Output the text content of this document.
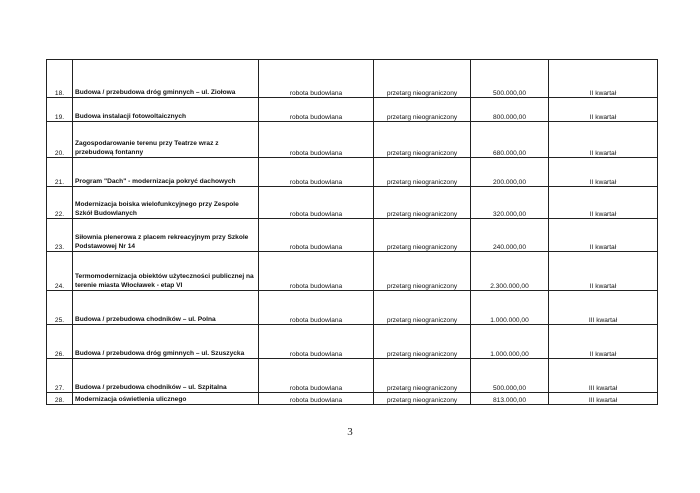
18.	Budowa / przebudowa dróg gminnych – ul. Ziołowa	robota budowlana	przetarg nieograniczony	500.000,00	II kwartał
19.	Budowa instalacji fotowoltaicznych	robota budowlana	przetarg nieograniczony	800.000,00	II kwartał
20.	Zagospodarowanie terenu przy Teatrze wraz z przebudową fontanny	robota budowlana	przetarg nieograniczony	680.000,00	II kwartał
21.	Program "Dach" - modernizacja pokryć dachowych	robota budowlana	przetarg nieograniczony	200.000,00	II kwartał
22.	Modernizacja boiska wielofunkcyjnego przy Zespole Szkół Budowlanych	robota budowlana	przetarg nieograniczony	320.000,00	II kwartał
23.	Siłownia plenerowa z placem rekreacyjnym przy Szkole Podstawowej Nr 14	robota budowlana	przetarg nieograniczony	240.000,00	II kwartał
24.	Termomodernizacja obiektów użyteczności publicznej na terenie miasta Włocławek - etap VI	robota budowlana	przetarg nieograniczony	2.300.000,00	II kwartał
25.	Budowa / przebudowa chodników – ul. Polna	robota budowlana	przetarg nieograniczony	1.000.000,00	III kwartał
26.	Budowa / przebudowa dróg gminnych – ul. Szuszycka	robota budowlana	przetarg nieograniczony	1.000.000,00	II kwartał
27.	Budowa / przebudowa chodników – ul. Szpitalna	robota budowlana	przetarg nieograniczony	500.000,00	III kwartał
28.	Modernizacja oświetlenia ulicznego	robota budowlana	przetarg nieograniczony	813.000,00	III kwartał
3
